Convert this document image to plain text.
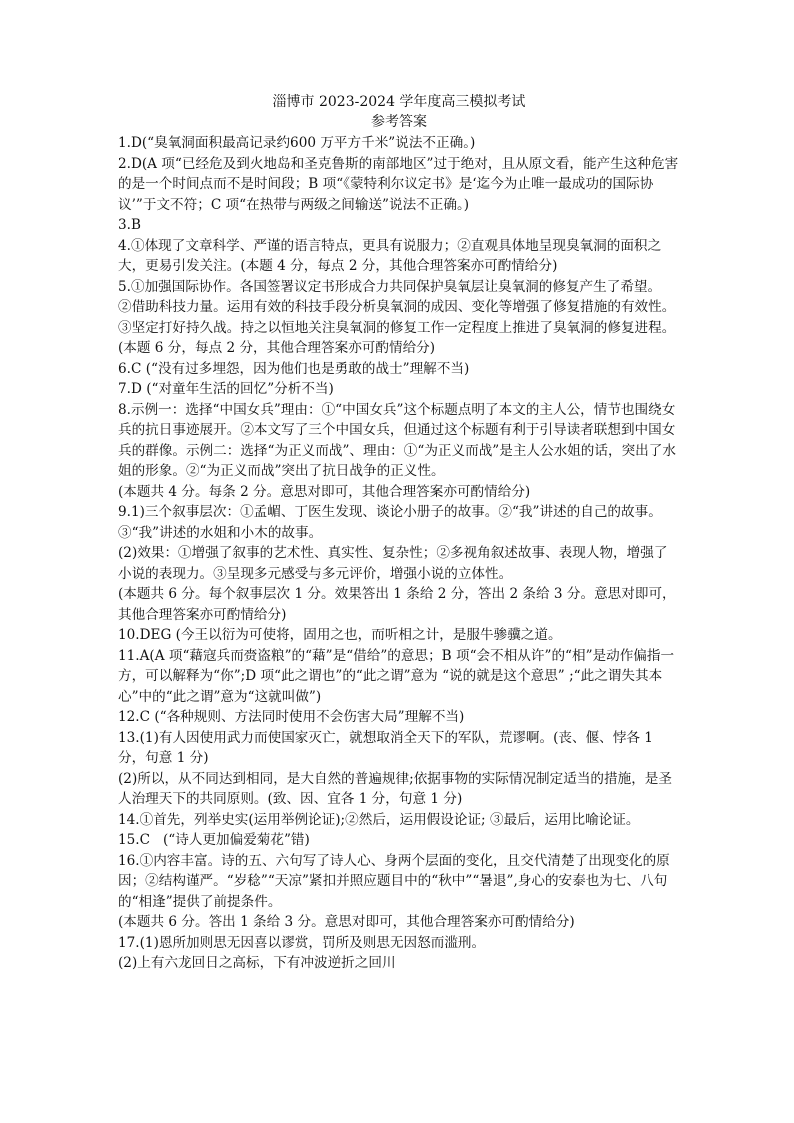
淄博市 2023-2024 学年度高三模拟考试
参考答案

1.D(“臭氧洞面积最高记录约600 万平方千米”说法不正确。)

2.D(A 项“已经危及到火地岛和圣克鲁斯的南部地区”过于绝对，且从原文看，能产生这种危害的是一个时间点而不是时间段；B 项“《蒙特利尔议定书》是‘迄今为止唯一最成功的国际协议’”于文不符；C 项“在热带与两级之间输送”说法不正确。)

3.B

4.①体现了文章科学、严谨的语言特点，更具有说服力；②直观具体地呈现臭氧洞的面积之大，更易引发关注。(本题 4 分，每点 2 分，其他合理答案亦可酌情给分)

5.①加强国际协作。各国签署议定书形成合力共同保护臭氧层让臭氧洞的修复产生了希望。

②借助科技力量。运用有效的科技手段分析臭氧洞的成因、变化等增强了修复措施的有效性。③坚定打好持久战。持之以恒地关注臭氧洞的修复工作一定程度上推进了臭氧洞的修复进程。(本题 6 分，每点 2 分，其他合理答案亦可酌情给分)

6.C (“没有过多埋怨，因为他们也是勇敢的战士”理解不当)

7.D (“对童年生活的回忆”分析不当)

8.示例一：选择“中国女兵”理由：①“中国女兵”这个标题点明了本文的主人公，情节也围绕女兵的抗日事迹展开。②本文写了三个中国女兵，但通过这个标题有利于引导读者联想到中国女兵的群像。示例二：选择“为正义而战”、理由：①“为正义而战”是主人公水姐的话，突出了水姐的形象。②“为正义而战”突出了抗日战争的正义性。

(本题共 4 分。每条 2 分。意思对即可，其他合理答案亦可酌情给分)

9.1)三个叙事层次：①孟嵋、丁医生发现、谈论小册子的故事。②“我”讲述的自己的故事。③“我”讲述的水姐和小木的故事。

(2)效果：①增强了叙事的艺术性、真实性、复杂性；②多视角叙述故事、表现人物，增强了小说的表现力。③呈现多元感受与多元评价，增强小说的立体性。

(本题共 6 分。每个叙事层次 1 分。效果答出 1 条给 2 分，答出 2 条给 3 分。意思对即可，其他合理答案亦可酌情给分)

10.DEG (今王以衍为可使将，固用之也，而听相之计，是服牛骖骥之道。

11.A(A 项“藉寇兵而赍盗粮”的“藉”是“借给”的意思；B 项“会不相从许”的“相”是动作偏指一方，可以解释为“你”;D 项“此之谓也”的“此之谓”意为 “说的就是这个意思” ;“此之谓失其本心”中的“此之谓”意为“这就叫做”)

12.C (“各种规则、方法同时使用不会伤害大局”理解不当)

13.(1)有人因使用武力而使国家灭亡，就想取消全天下的军队，荒谬啊。(丧、偃、悖各 1 分，句意 1 分)

(2)所以，从不同达到相同，是大自然的普遍规律;依据事物的实际情况制定适当的措施，是圣人治理天下的共同原则。(致、因、宜各 1 分，句意 1 分)

14.①首先，列举史实(运用举例论证);②然后，运用假设论证; ③最后，运用比喻论证。

15.C   (“诗人更加偏爱菊花”错)

16.①内容丰富。诗的五、六句写了诗人心、身两个层面的变化，且交代清楚了出现变化的原因；②结构谨严。“岁稔”“天凉”紧扣并照应题目中的“秋中”“暑退”,身心的安泰也为七、八句的“相逢”提供了前提条件。

(本题共 6 分。答出 1 条给 3 分。意思对即可，其他合理答案亦可酌情给分)

17.(1)恩所加则思无因喜以谬赏，罚所及则思无因怒而滥刑。

(2)上有六龙回日之高标，下有冲波逆折之回川
